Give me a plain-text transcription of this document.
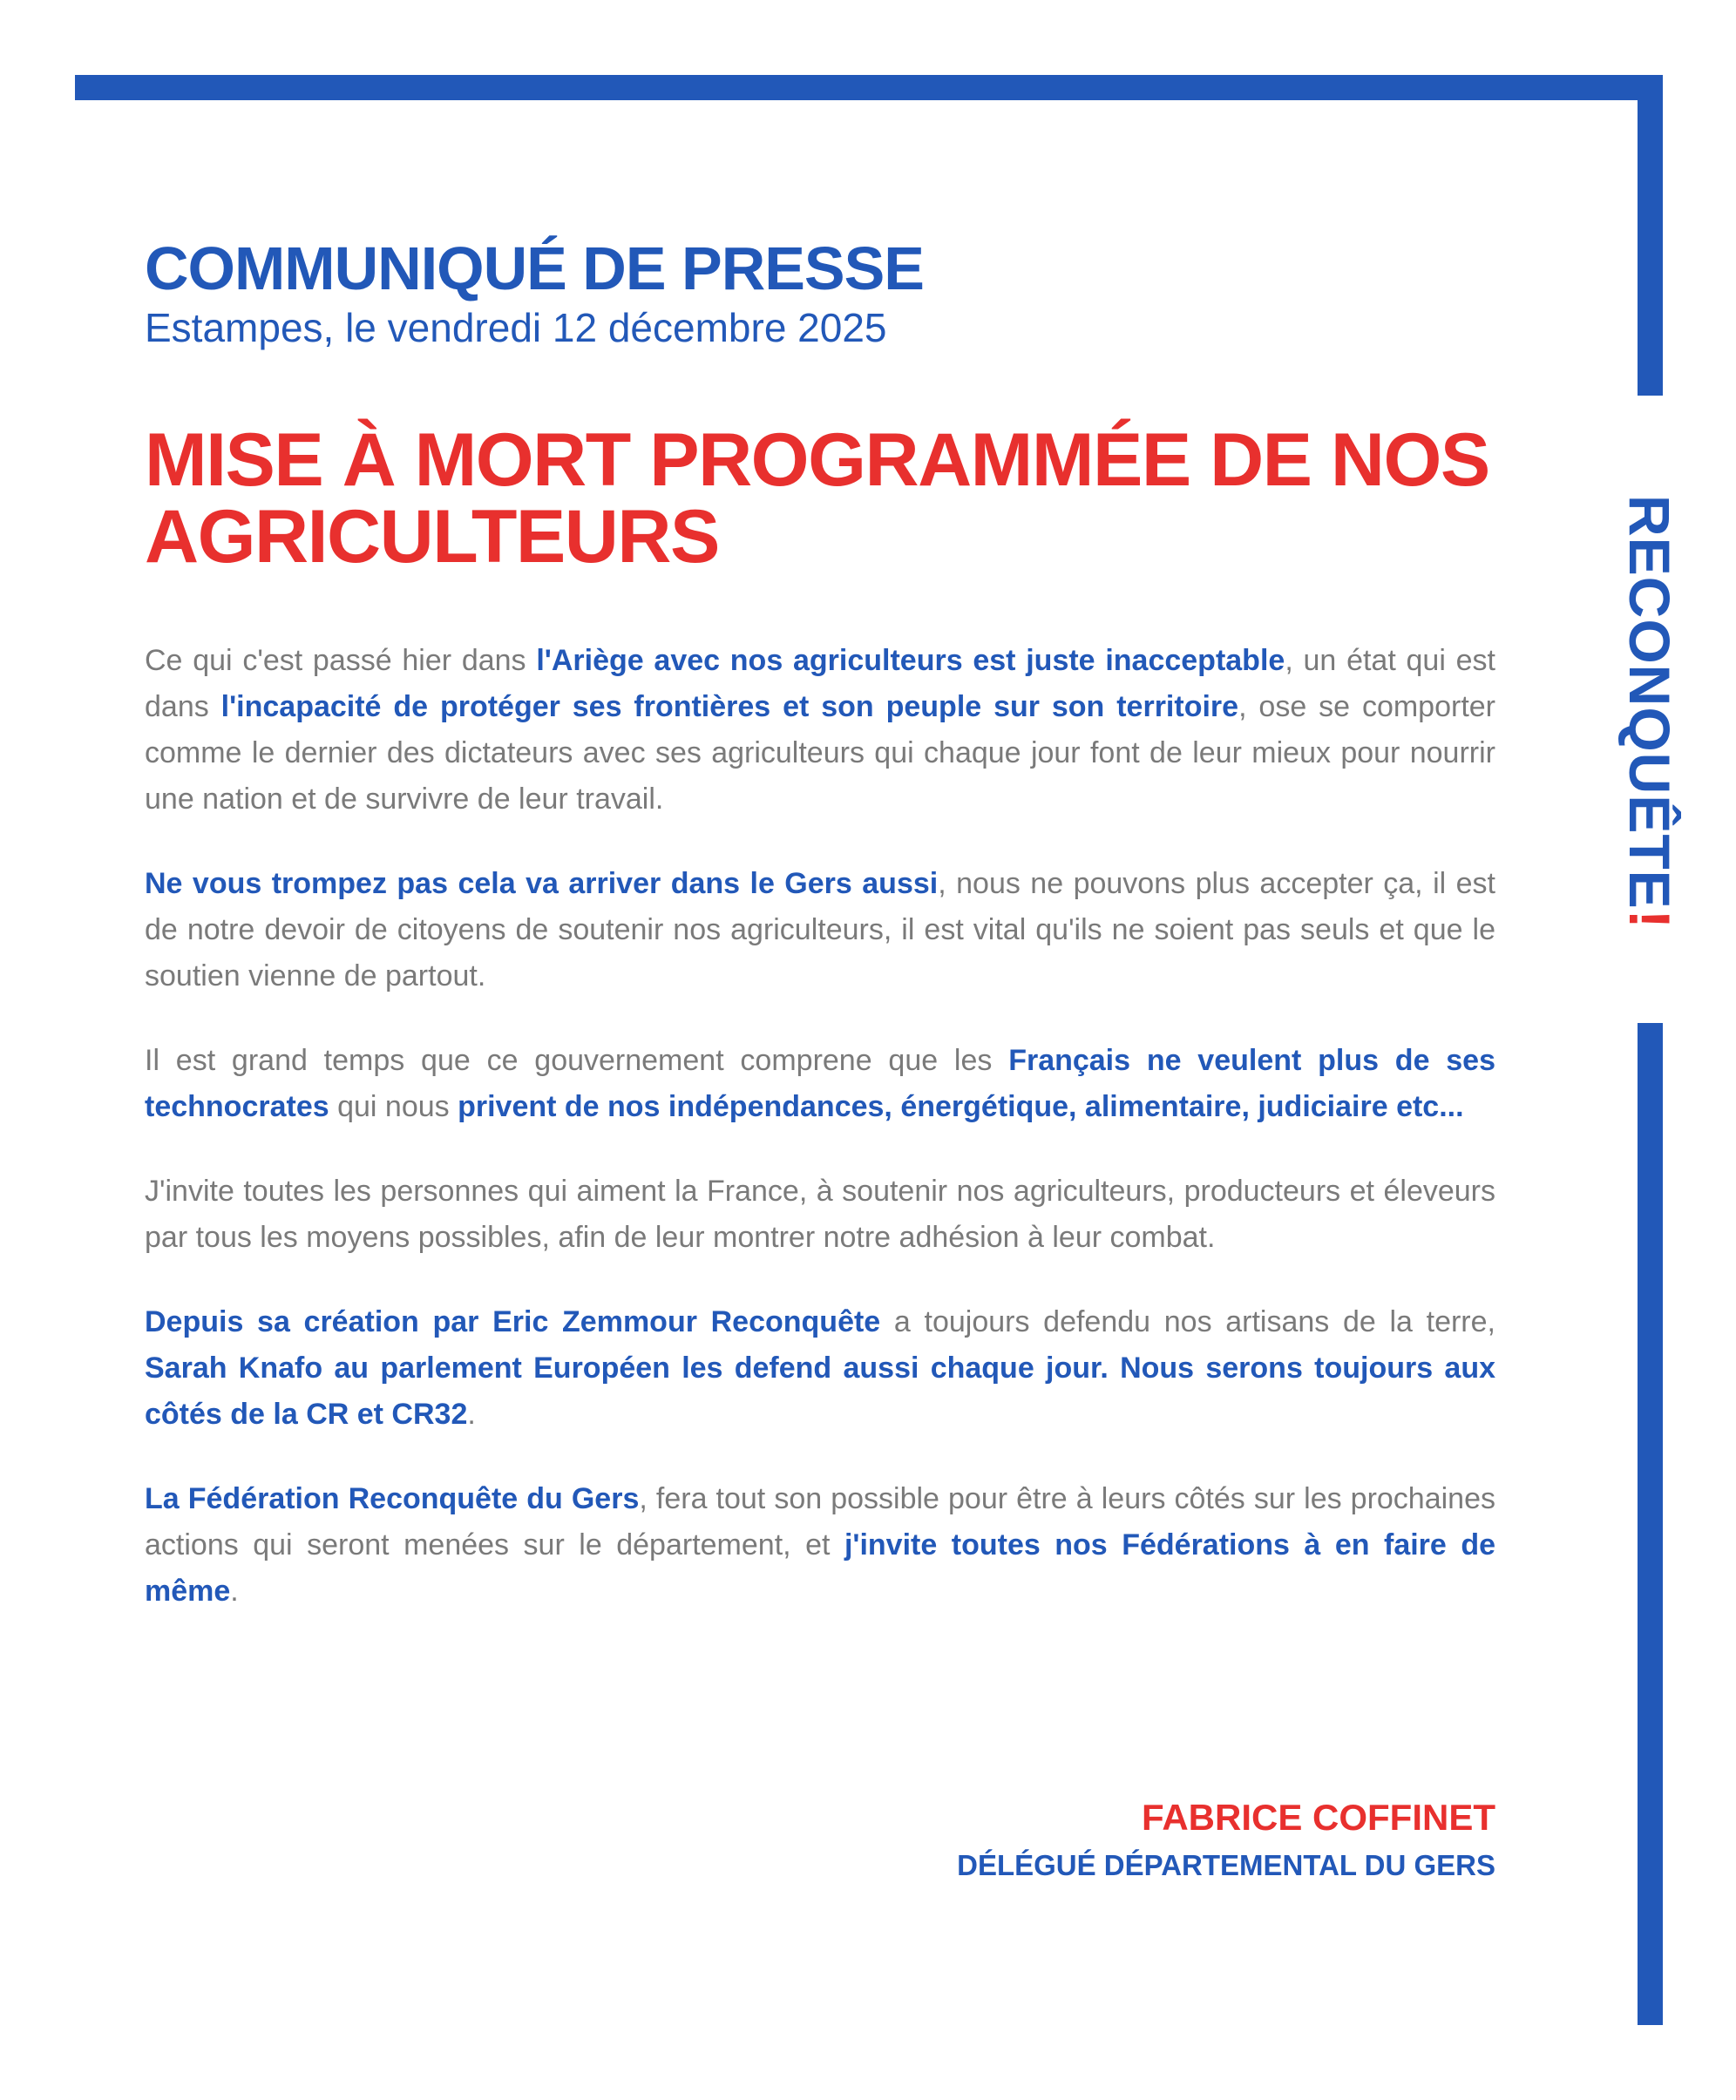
RECONQUÊTE!
COMMUNIQUÉ DE PRESSE
Estampes, le vendredi 12 décembre 2025
MISE À MORT PROGRAMMÉE DE NOS AGRICULTEURS

Ce qui c'est passé hier dans l'Ariège avec nos agriculteurs est juste inacceptable, un état qui est dans l'incapacité de protéger ses frontières et son peuple sur son territoire, ose se comporter comme le dernier des dictateurs avec ses agriculteurs qui chaque jour font de leur mieux pour nourrir une nation et de survivre de leur travail.

Ne vous trompez pas cela va arriver dans le Gers aussi, nous ne pouvons plus accepter ça, il est de notre devoir de citoyens de soutenir nos agriculteurs, il est vital qu'ils ne soient pas seuls et que le soutien vienne de partout.

Il est grand temps que ce gouvernement comprene que les Français ne veulent plus de ses technocrates qui nous privent de nos indépendances, énergétique, alimentaire, judiciaire etc...

J'invite toutes les personnes qui aiment la France, à soutenir nos agriculteurs, producteurs et éleveurs par tous les moyens possibles, afin de leur montrer notre adhésion à leur combat.

Depuis sa création par Eric Zemmour Reconquête a toujours defendu nos artisans de la terre, Sarah Knafo au parlement Européen les defend aussi chaque jour. Nous serons toujours aux côtés de la CR et CR32.

La Fédération Reconquête du Gers, fera tout son possible pour être à leurs côtés sur les prochaines actions qui seront menées sur le département, et j'invite toutes nos Fédérations à en faire de même.

FABRICE COFFINET
DÉLÉGUÉ DÉPARTEMENTAL DU GERS
